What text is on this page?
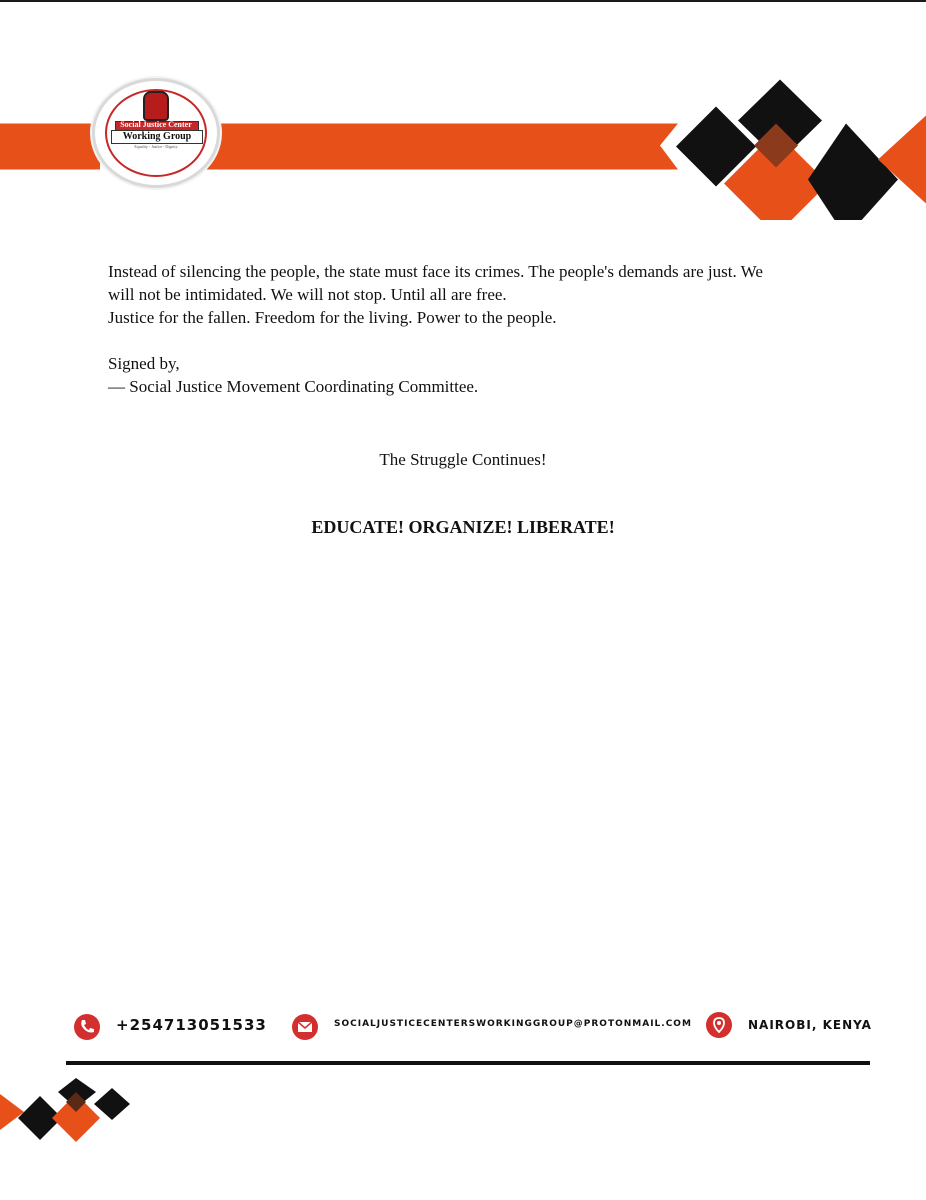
Social Justice Center
Working Group
Equality - Justice - Dignity

Instead of silencing the people, the state must face its crimes. The people's demands are just. We

will not be intimidated. We will not stop. Until all are free.

Justice for the fallen. Freedom for the living. Power to the people.

Signed by,

— Social Justice Movement Coordinating Committee.

The Struggle Continues!
EDUCATE! ORGANIZE! LIBERATE!
+254713051533	SOCIALJUSTICECENTERSWORKINGGROUP@PROTONMAIL.COM	NAIROBI, KENYA
